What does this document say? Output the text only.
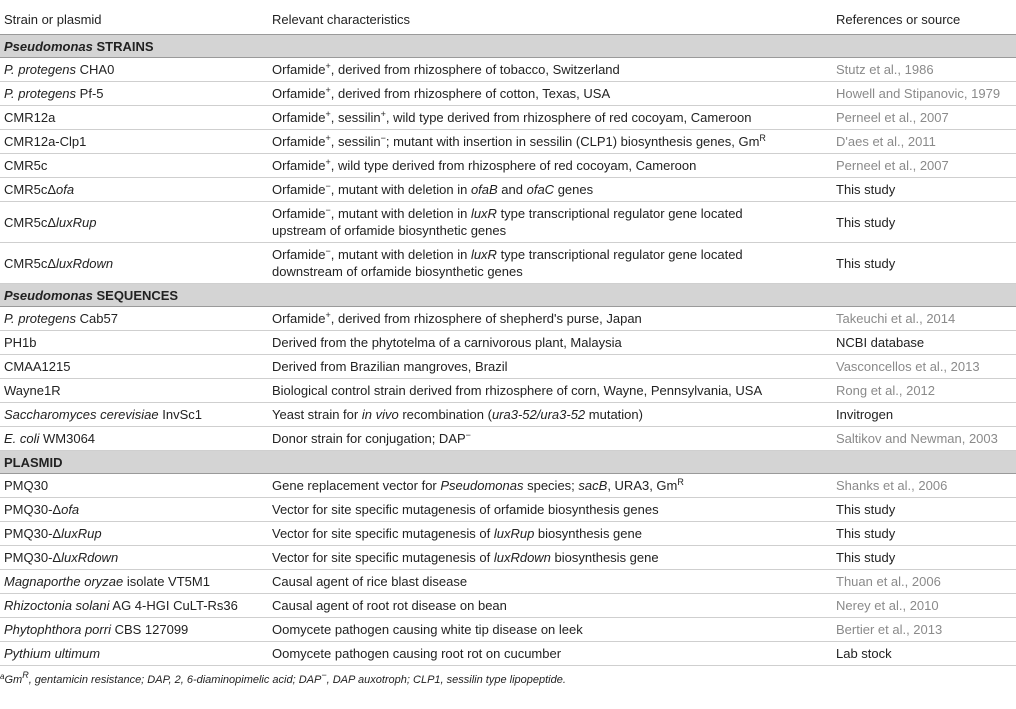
Strain or plasmid	Relevant characteristics	References or source
Pseudomonas STRAINS		
P. protegens CHA0	Orfamide+, derived from rhizosphere of tobacco, Switzerland	Stutz et al., 1986
P. protegens Pf-5	Orfamide+, derived from rhizosphere of cotton, Texas, USA	Howell and Stipanovic, 1979
CMR12a	Orfamide+, sessilin+, wild type derived from rhizosphere of red cocoyam, Cameroon	Perneel et al., 2007
CMR12a-Clp1	Orfamide+, sessilin−; mutant with insertion in sessilin (CLP1) biosynthesis genes, $Gm^R$	D'aes et al., 2011
CMR5c	Orfamide+, wild type derived from rhizosphere of red cocoyam, Cameroon	Perneel et al., 2007
CMR5cΔofa	Orfamide−, mutant with deletion in ofaB and ofaC genes	This study
CMR5cΔluxRup	Orfamide−, mutant with deletion in luxR type transcriptional regulator gene located
upstream of orfamide biosynthetic genes	This study
CMR5cΔluxRdown	Orfamide−, mutant with deletion in luxR type transcriptional regulator gene located
downstream of orfamide biosynthetic genes	This study
Pseudomonas SEQUENCES		
P. protegens Cab57	Orfamide+, derived from rhizosphere of shepherd's purse, Japan	Takeuchi et al., 2014
PH1b	Derived from the phytotelma of a carnivorous plant, Malaysia	NCBI database
CMAA1215	Derived from Brazilian mangroves, Brazil	Vasconcellos et al., 2013
Wayne1R	Biological control strain derived from rhizosphere of corn, Wayne, Pennsylvania, USA	Rong et al., 2012
Saccharomyces cerevisiae InvSc1	Yeast strain for in vivo recombination (ura3-52/ura3-52 mutation)	Invitrogen
E. coli WM3064	Donor strain for conjugation; DAP−	Saltikov and Newman, 2003
PLASMID		
PMQ30	Gene replacement vector for Pseudomonas species; sacB, URA3, $Gm^R$	Shanks et al., 2006
PMQ30-Δofa	Vector for site specific mutagenesis of orfamide biosynthesis genes	This study
PMQ30-ΔluxRup	Vector for site specific mutagenesis of luxRup biosynthesis gene	This study
PMQ30-ΔluxRdown	Vector for site specific mutagenesis of luxRdown biosynthesis gene	This study
Magnaporthe oryzae isolate VT5M1	Causal agent of rice blast disease	Thuan et al., 2006
Rhizoctonia solani AG 4-HGI CuLT-Rs36	Causal agent of root rot disease on bean	Nerey et al., 2010
Phytophthora porri CBS 127099	Oomycete pathogen causing white tip disease on leek	Bertier et al., 2013
Pythium ultimum	Oomycete pathogen causing root rot on cucumber	Lab stock

$^aGm^R$, gentamicin resistance; DAP, 2, 6-diaminopimelic acid; DAP−, DAP auxotroph; CLP1, sessilin type lipopeptide.
